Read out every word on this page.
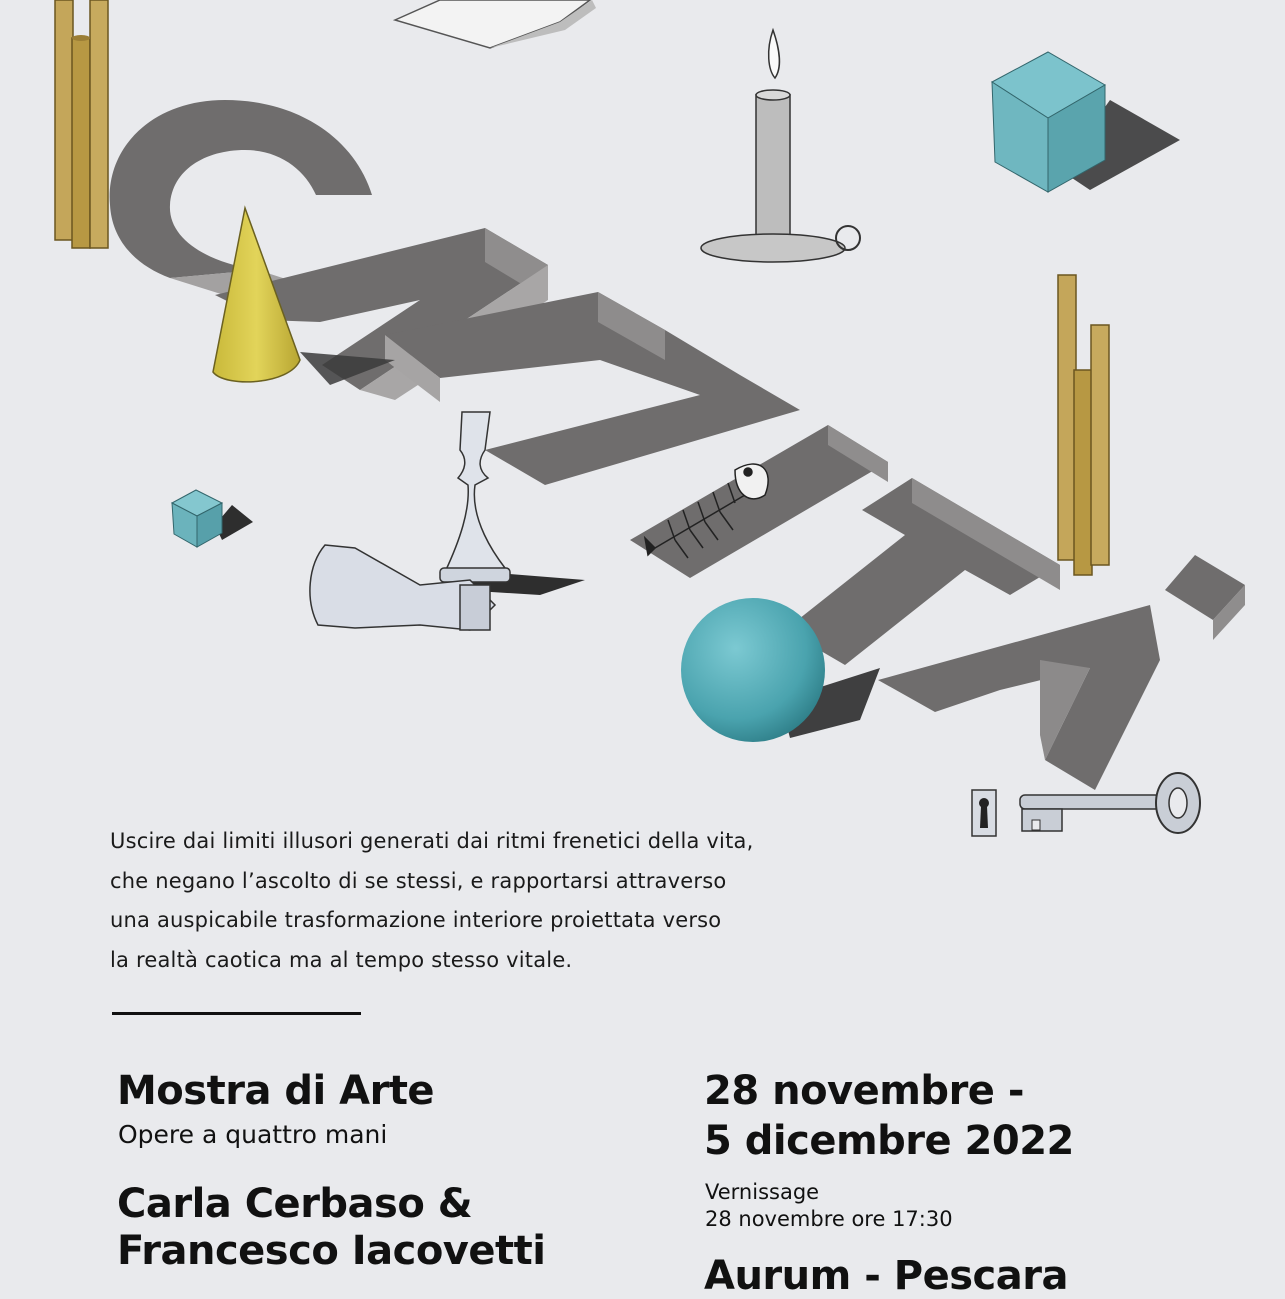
Uscire dai limiti illusori generati dai ritmi frenetici della vita,
che negano l’ascolto di se stessi, e rapportarsi attraverso
una auspicabile trasformazione interiore proiettata verso
la realtà caotica ma al tempo stesso vitale.

Mostra di Arte
Opere a quattro mani
Carla Cerbaso &
Francesco Iacovetti
28 novembre -
5 dicembre 2022
Vernissage
28 novembre ore 17:30
Aurum - Pescara
